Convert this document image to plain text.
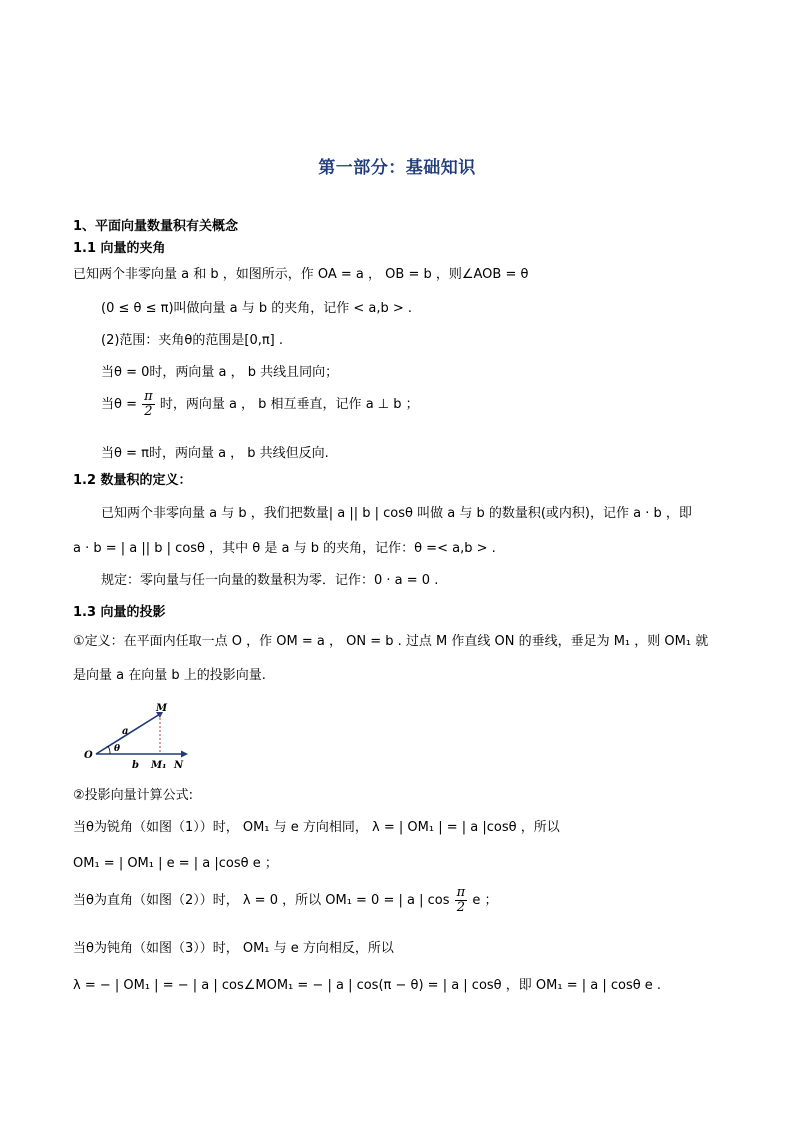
第一部分：基础知识
1、平面向量数量积有关概念
1.1 向量的夹角
已知两个非零向量 a 和 b ，如图所示，作 OA = a ， OB = b ，则∠AOB = θ
(0 ≤ θ ≤ π)叫做向量 a 与 b 的夹角，记作 < a,b > .
(2)范围：夹角θ的范围是[0,π] .
当θ = 0时，两向量 a ， b 共线且同向；
当$\theta = \frac{\pi}{2}$ 时，两向量 a ， b 相互垂直，记作 a ⊥ b ；
当θ = π时，两向量 a ， b 共线但反向.
1.2 数量积的定义：
已知两个非零向量 a 与 b ，我们把数量| a || b | cosθ 叫做 a 与 b 的数量积(或内积)，记作 a · b ，即
a · b = | a || b | cosθ ，其中 θ 是 a 与 b 的夹角，记作：θ =< a,b > .
规定：零向量与任一向量的数量积为零．记作：0 · a = 0 .
1.3 向量的投影
①定义：在平面内任取一点 O ，作 OM = a ， ON = b . 过点 M 作直线 ON 的垂线，垂足为 M₁ ，则 OM₁ 就
是向量 a 在向量 b 上的投影向量.
M
O
N
M₁
a
b
θ
②投影向量计算公式:
当θ为锐角（如图（1））时， OM₁ 与 e 方向相同， λ = | OM₁ | = | a |cosθ ，所以
OM₁ = | OM₁ | e = | a |cosθ e ；
当θ为直角（如图（2））时， λ = 0 ，所以 OM₁ = 0 = | a | $\cos \frac{\pi}{2}$ e ；
当θ为钝角（如图（3））时， OM₁ 与 e 方向相反，所以
λ = − | OM₁ | = − | a | cos∠MOM₁ = − | a | cos(π − θ) = | a | cosθ ，即 OM₁ = | a | cosθ e .
